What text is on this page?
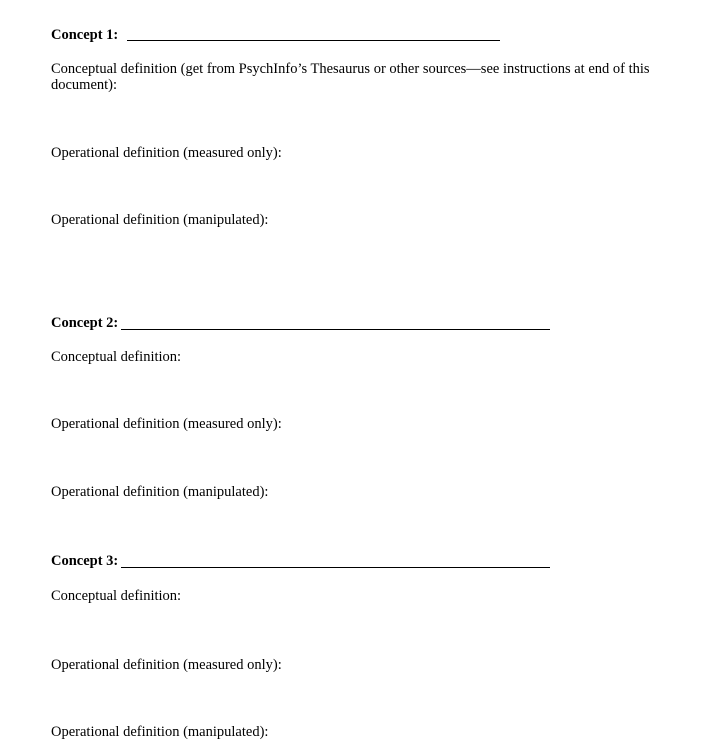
Concept 1:
Conceptual definition (get from PsychInfo’s Thesaurus or other sources—see instructions at end of this document):
Operational definition (measured only):
Operational definition (manipulated):
Concept 2:
Conceptual definition:
Operational definition (measured only):
Operational definition (manipulated):
Concept 3:
Conceptual definition:
Operational definition (measured only):
Operational definition (manipulated):
